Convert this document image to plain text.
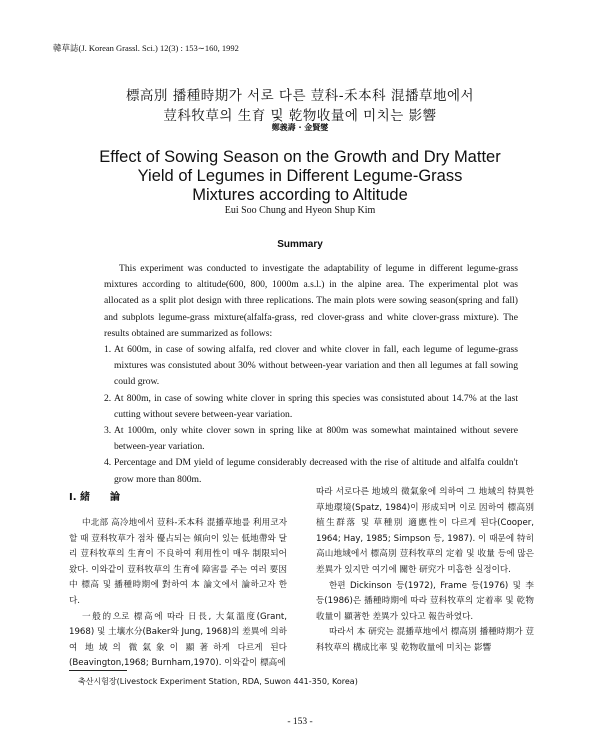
韓草誌(J. Korean Grassl. Sci.) 12(3) : 153∼160, 1992
標高別 播種時期가 서로 다른 荳科-禾本科 混播草地에서
荳科牧草의 生育 및 乾物收量에 미치는 影響
鄭義壽 · 金賢燮
Effect of Sowing Season on the Growth and Dry Matter
Yield of Legumes in Different Legume-Grass
Mixtures according to Altitude
Eui Soo Chung and Hyeon Shup Kim
Summary

This experiment was conducted to investigate the adaptability of legume in different legume-grass mixtures according to altitude(600, 800, 1000m a.s.l.) in the alpine area. The experimental plot was allocated as a split plot design with three replications. The main plots were sowing season(spring and fall) and subplots legume-grass mixture(alfalfa-grass, red clover-grass and white clover-grass mixture). The results obtained are summarized as follows:

1. At 600m, in case of sowing alfalfa, red clover and white clover in fall, each legume of legume-grass mixtures was consistuted about 30% without between-year variation and then all legumes at fall sowing could grow.
2. At 800m, in case of sowing white clover in spring this species was consistuted about 14.7% at the last cutting without severe between-year variation.
3. At 1000m, only white clover sown in spring like at 800m was somewhat maintained without severe between-year variation.
4. Percentage and DM yield of legume considerably decreased with the rise of altitude and alfalfa couldn't grow more than 800m.
I. 緒　　論

中北部 高冷地에서 荳科-禾本科 混播草地를 利用코자 할 때 荳科牧草가 점차 優占되는 傾向이 있는 低地帶와 달리 荳科牧草의 生育이 不良하여 利用性이 매우 制限되어 왔다. 이와같이 荳科牧草의 生育에 障害를 주는 여러 要因中 標高 및 播種時期에 對하여 本 論文에서 論하고자 한다.

一般的으로 標高에 따라 日長, 大氣溫度(Grant, 1968) 및 土壤水分(Baker와 Jung, 1968)의 差異에 의하여 地域의 微氣象이 顯著하게 다르게 된다(Beavington,1968; Burnham,1970). 이와같이 標高에

따라 서로다른 地域의 微氣象에 의하여 그 地域의 特異한 草地環境(Spatz, 1984)이 形成되며 이로 因하여 標高別 植生群落 및 草種別 適應性이 다르게 된다(Cooper, 1964; Hay, 1985; Simpson 등, 1987). 이 때문에 特히 高山地域에서 標高別 荳科牧草의 定着 및 收量 등에 많은 差異가 있지만 여기에 關한 研究가 미흡한 실정이다.

한편 Dickinson 등(1972), Frame 등(1976) 및 李 등(1986)은 播種時期에 따라 荳科牧草의 定着率 및 乾物收量이 顯著한 差異가 있다고 報告하였다.

따라서 本 研究는 混播草地에서 標高別 播種時期가 荳科牧草의 構成比率 및 乾物收量에 미치는 影響

축산시험장(Livestock Experiment Station, RDA, Suwon 441-350, Korea)
- 153 -
